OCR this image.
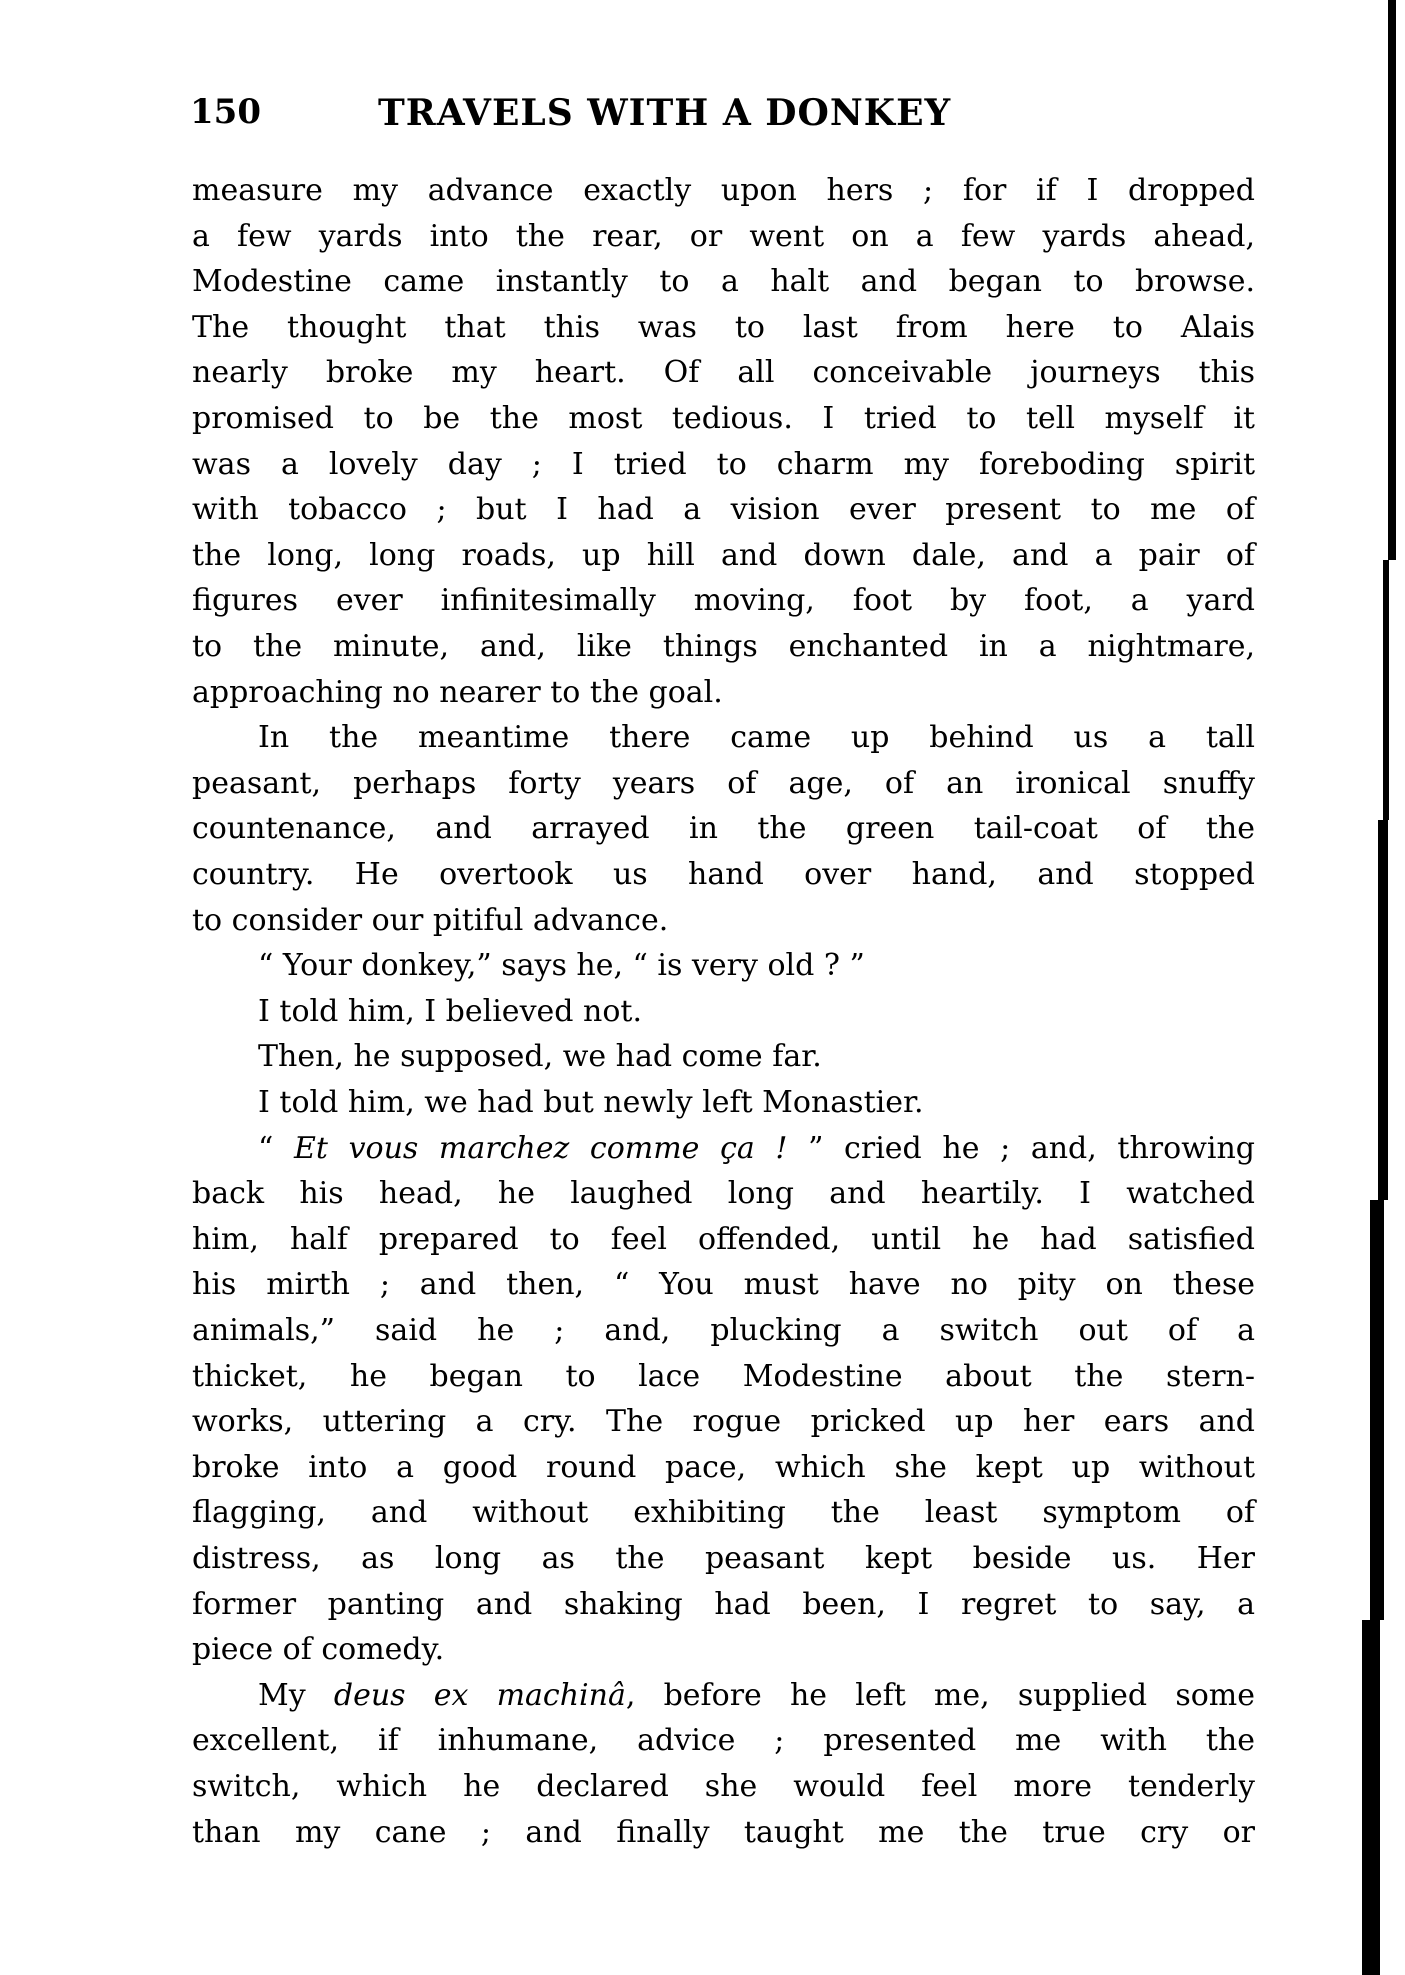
150	TRAVELS WITH A DONKEY
measure my advance exactly upon hers ; for if I dropped
a few yards into the rear, or went on a few yards ahead,
Modestine came instantly to a halt and began to browse.
The thought that this was to last from here to Alais
nearly broke my heart. Of all conceivable journeys this
promised to be the most tedious. I tried to tell myself it
was a lovely day ; I tried to charm my foreboding spirit
with tobacco ; but I had a vision ever present to me of
the long, long roads, up hill and down dale, and a pair of
figures ever infinitesimally moving, foot by foot, a yard
to the minute, and, like things enchanted in a nightmare,
approaching no nearer to the goal.
In the meantime there came up behind us a tall
peasant, perhaps forty years of age, of an ironical snuffy
countenance, and arrayed in the green tail-coat of the
country. He overtook us hand over hand, and stopped
to consider our pitiful advance.
“ Your donkey,” says he, “ is very old ? ”
I told him, I believed not.
Then, he supposed, we had come far.
I told him, we had but newly left Monastier.
“ Et vous marchez comme ça ! ” cried he ; and, throwing
back his head, he laughed long and heartily. I watched
him, half prepared to feel offended, until he had satisfied
his mirth ; and then, “ You must have no pity on these
animals,” said he ; and, plucking a switch out of a
thicket, he began to lace Modestine about the stern-
works, uttering a cry. The rogue pricked up her ears and
broke into a good round pace, which she kept up without
flagging, and without exhibiting the least symptom of
distress, as long as the peasant kept beside us. Her
former panting and shaking had been, I regret to say, a
piece of comedy.
My deus ex machinâ, before he left me, supplied some
excellent, if inhumane, advice ; presented me with the
switch, which he declared she would feel more tenderly
than my cane ; and finally taught me the true cry or
